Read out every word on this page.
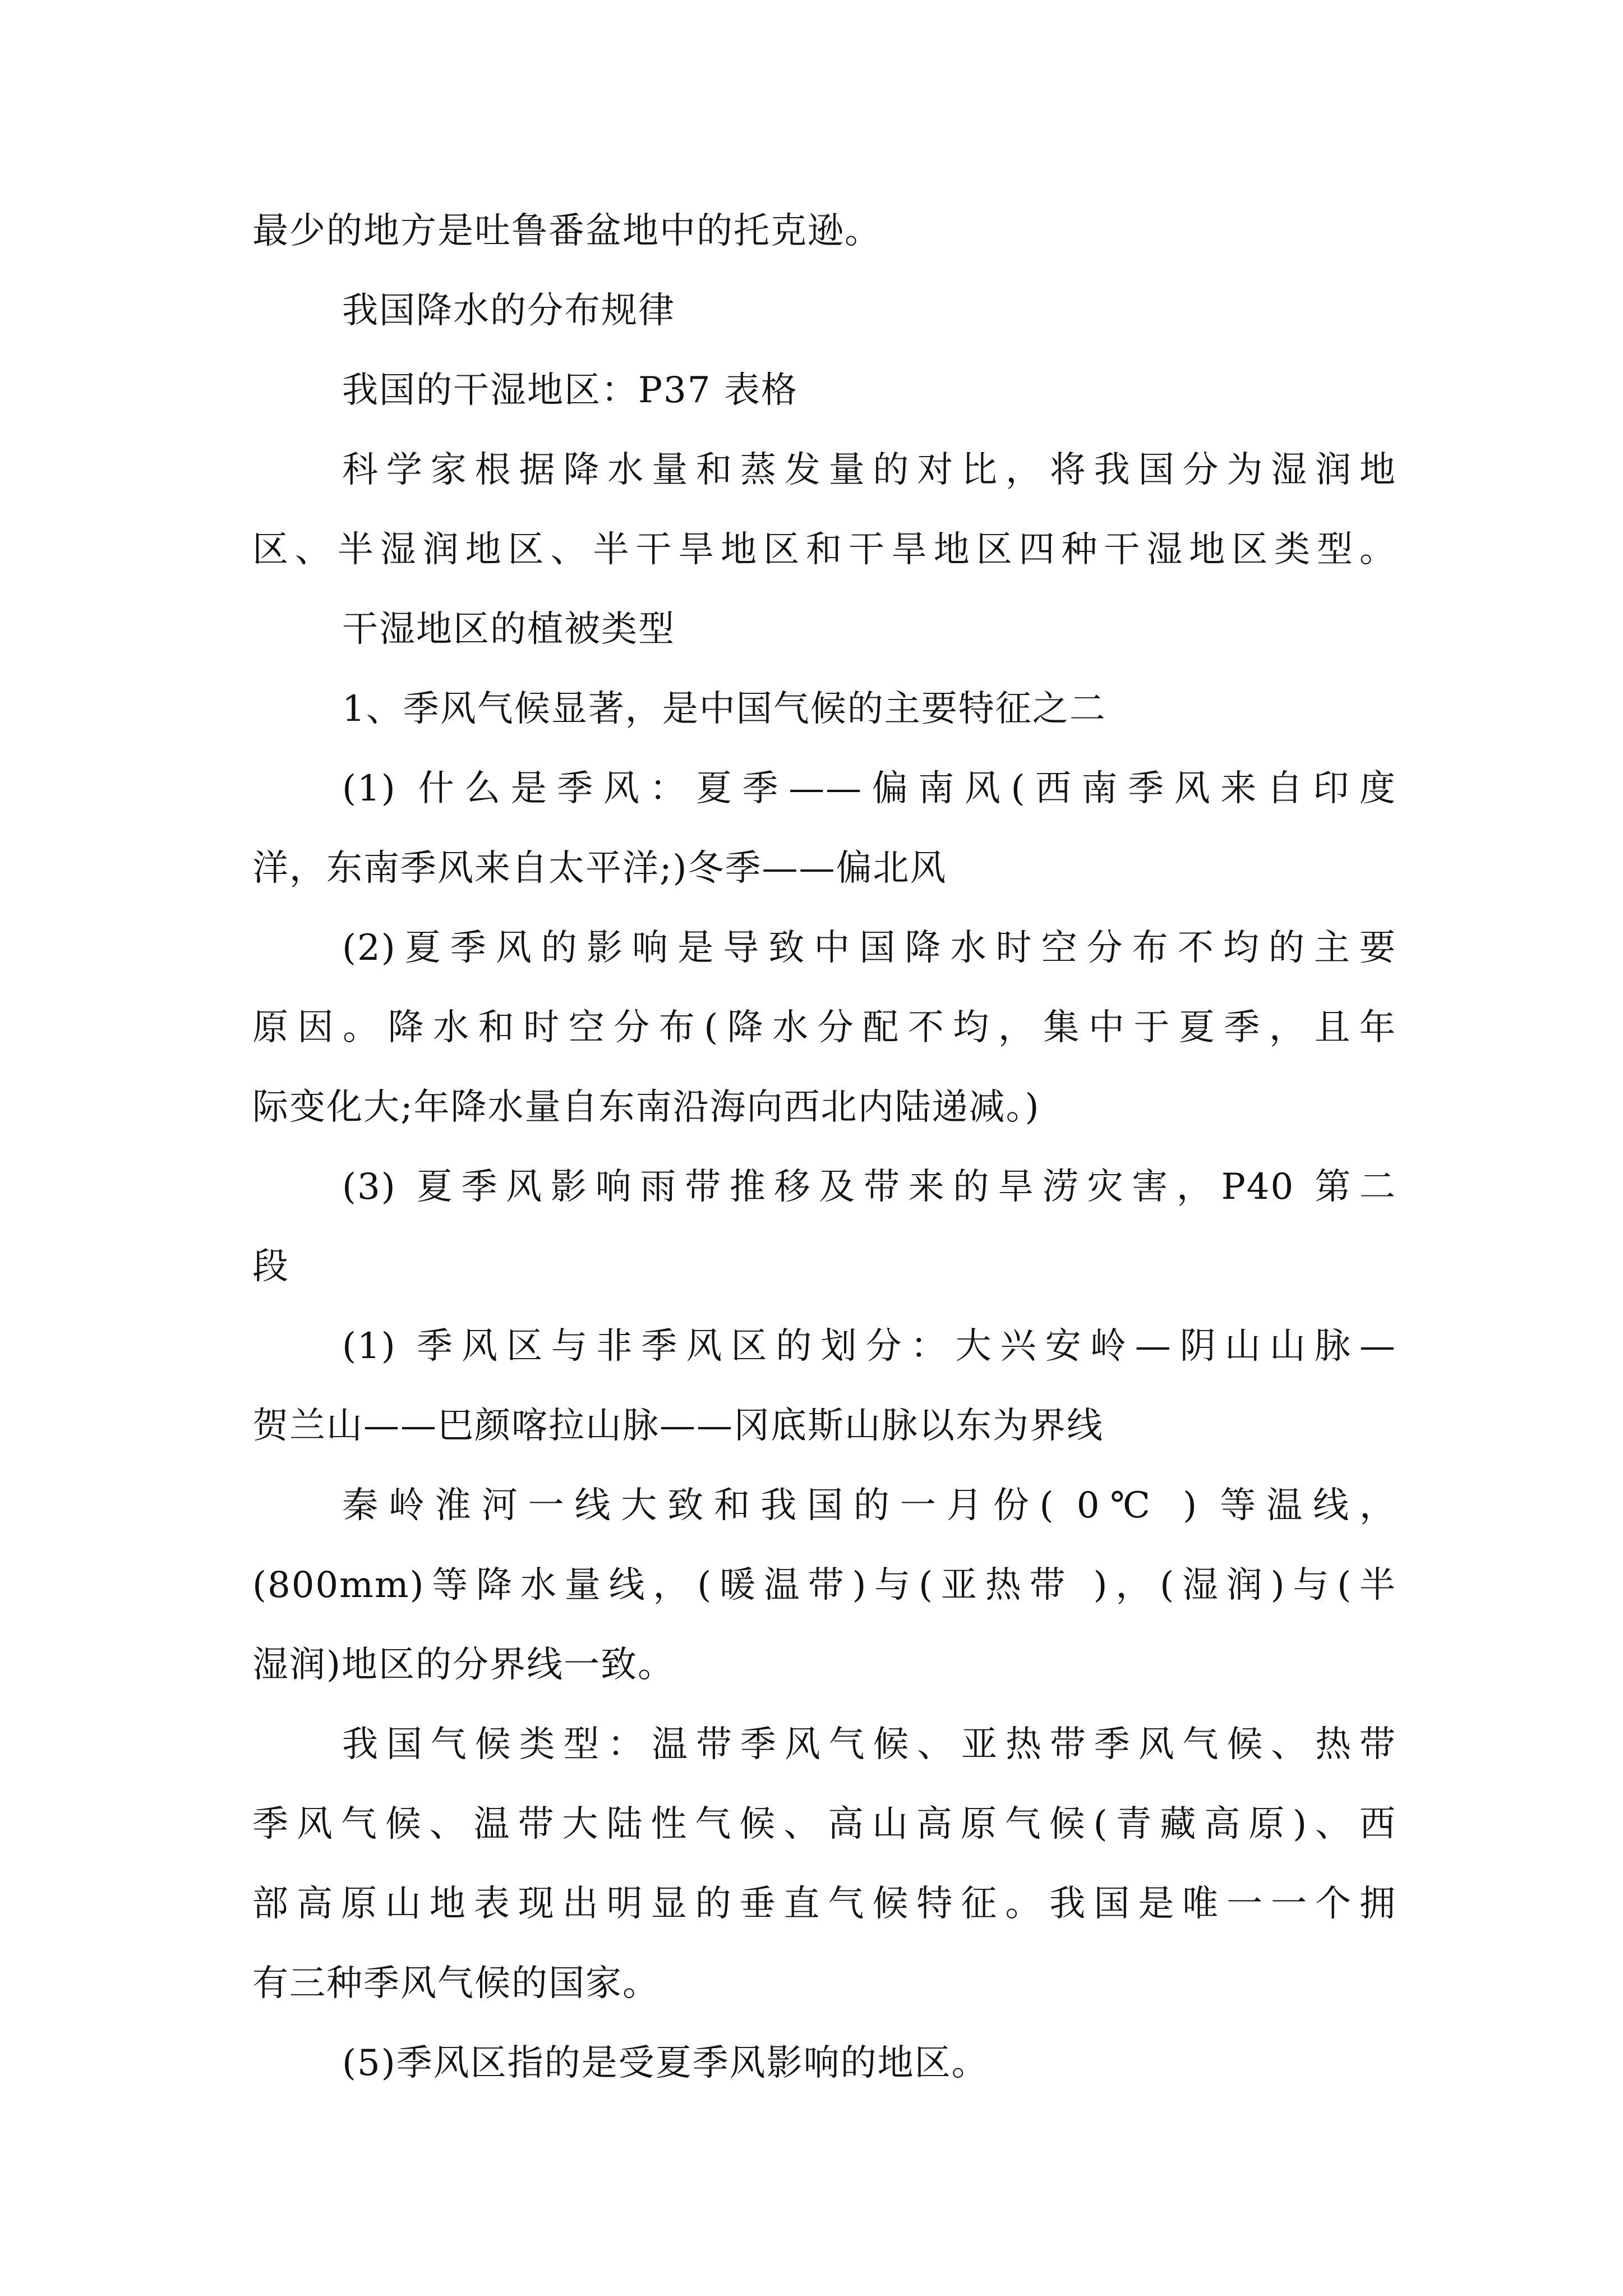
最少的地方是吐鲁番盆地中的托克逊。
我国降水的分布规律
我国的干湿地区：P37 表格
科学家根据降水量和蒸发量的对比，将我国分为湿润地
区、半湿润地区、半干旱地区和干旱地区四种干湿地区类型。
干湿地区的植被类型
1、季风气候显著，是中国气候的主要特征之二
(1) 什么是季风：夏季——偏南风(西南季风来自印度
洋，东南季风来自太平洋;)冬季——偏北风
(2)夏季风的影响是导致中国降水时空分布不均的主要
原因。降水和时空分布(降水分配不均，集中于夏季，且年
际变化大;年降水量自东南沿海向西北内陆递减。)
(3) 夏季风影响雨带推移及带来的旱涝灾害，P40 第二
段
(1) 季风区与非季风区的划分：大兴安岭—阴山山脉—
贺兰山——巴颜喀拉山脉——冈底斯山脉以东为界线
秦岭淮河一线大致和我国的一月份( 0℃ ) 等温线，
(800mm)等降水量线，(暖温带)与(亚热带 )，(湿润)与(半
湿润)地区的分界线一致。
我国气候类型：温带季风气候、亚热带季风气候、热带
季风气候、温带大陆性气候、高山高原气候(青藏高原)、西
部高原山地表现出明显的垂直气候特征。我国是唯一一个拥
有三种季风气候的国家。
(5)季风区指的是受夏季风影响的地区。
